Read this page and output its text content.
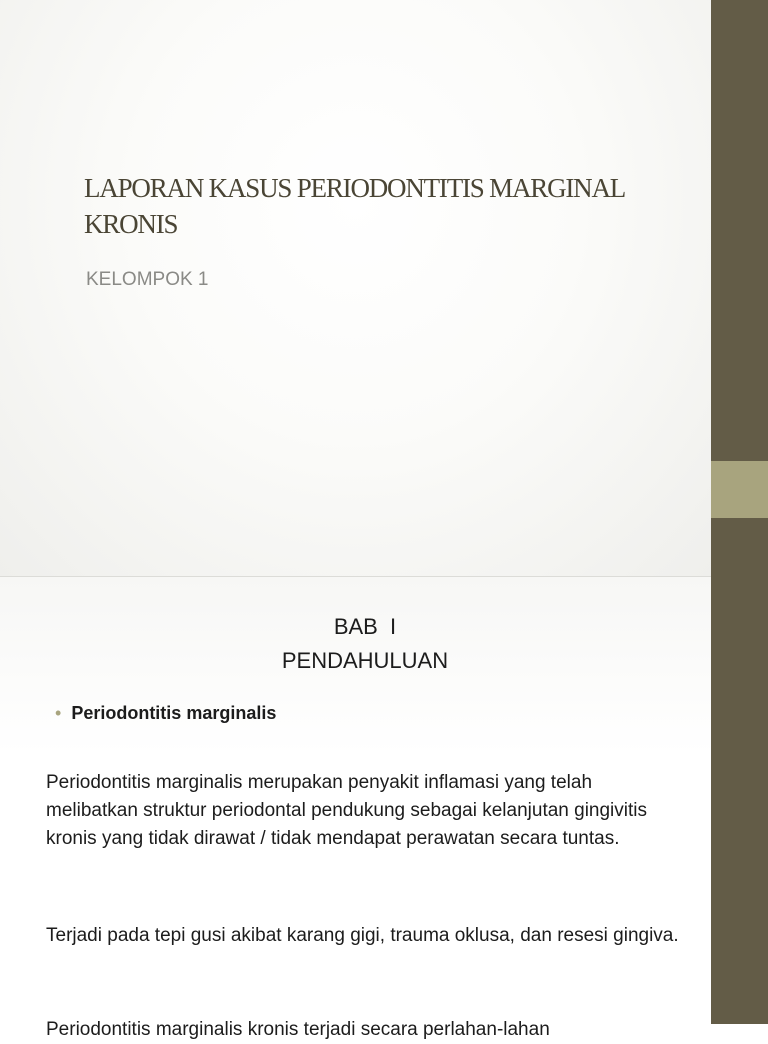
LAPORAN KASUS PERIODONTITIS MARGINAL KRONIS

KELOMPOK 1

BAB  I
PENDAHULUAN
• Periodontitis marginalis

Periodontitis marginalis merupakan penyakit inflamasi yang telah melibatkan struktur periodontal pendukung sebagai kelanjutan gingivitis kronis yang tidak dirawat / tidak mendapat perawatan secara tuntas.

Terjadi pada tepi gusi akibat karang gigi, trauma oklusa, dan resesi gingiva.

Periodontitis marginalis kronis terjadi secara perlahan-lahan
